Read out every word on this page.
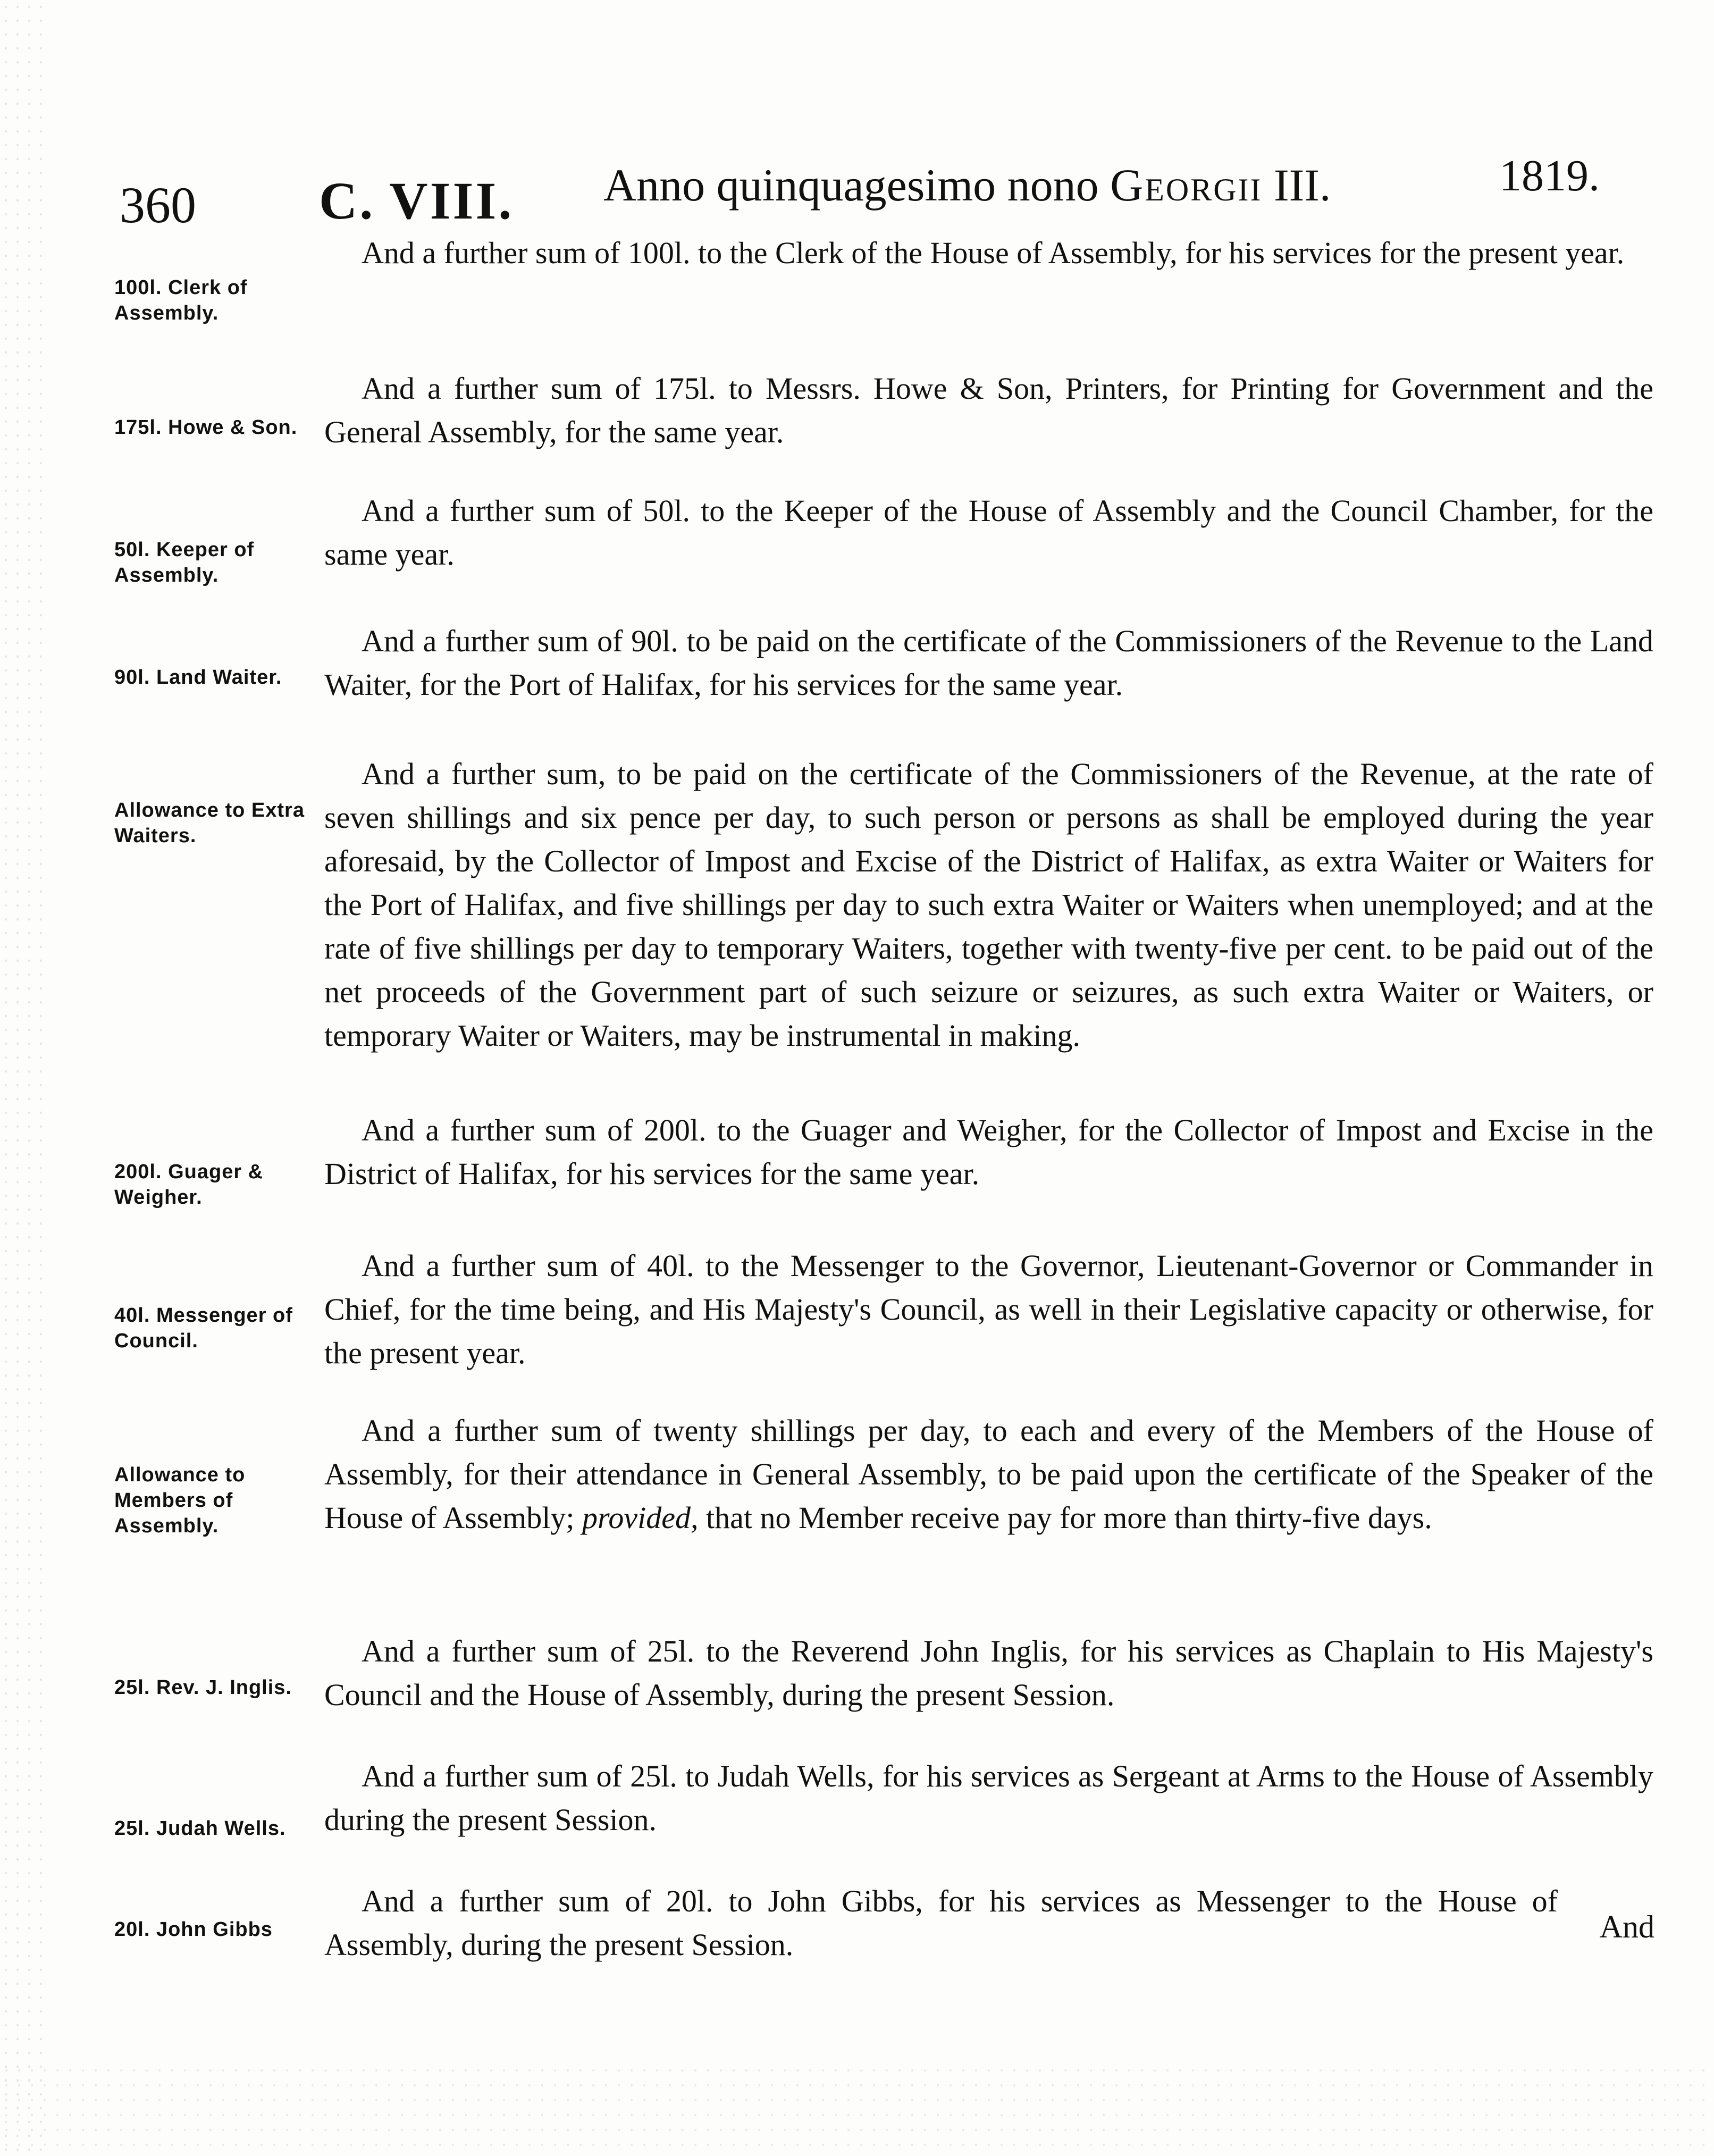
360 C. VIII. Anno quinquagesimo nono Georgii III.	1819.
100l. Clerk of Assembly.
And a further sum of 100l. to the Clerk of the House of Assembly, for his services for the present year.
175l. Howe & Son.
And a further sum of 175l. to Messrs. Howe & Son, Printers, for Printing for Government and the General Assembly, for the same year.
50l. Keeper of Assembly.
And a further sum of 50l. to the Keeper of the House of Assembly and the Council Chamber, for the same year.
90l. Land Waiter.
And a further sum of 90l. to be paid on the certificate of the Commissioners of the Revenue to the Land Waiter, for the Port of Halifax, for his services for the same year.
Allowance to Extra Waiters.
And a further sum, to be paid on the certificate of the Commissioners of the Revenue, at the rate of seven shillings and six pence per day, to such person or persons as shall be employed during the year aforesaid, by the Collector of Impost and Excise of the District of Halifax, as extra Waiter or Waiters for the Port of Halifax, and five shillings per day to such extra Waiter or Waiters when unemployed; and at the rate of five shillings per day to temporary Waiters, together with twenty-five per cent. to be paid out of the net proceeds of the Government part of such seizure or seizures, as such extra Waiter or Waiters, or temporary Waiter or Waiters, may be instrumental in making.
200l. Guager & Weigher.
And a further sum of 200l. to the Guager and Weigher, for the Collector of Impost and Excise in the District of Halifax, for his services for the same year.
40l. Messenger of Council.
And a further sum of 40l. to the Messenger to the Governor, Lieutenant-Governor or Commander in Chief, for the time being, and His Majesty's Council, as well in their Legislative capacity or otherwise, for the present year.
Allowance to Members of Assembly.
And a further sum of twenty shillings per day, to each and every of the Members of the House of Assembly, for their attendance in General Assembly, to be paid upon the certificate of the Speaker of the House of Assembly; provided, that no Member receive pay for more than thirty-five days.
25l. Rev. J. Inglis.
And a further sum of 25l. to the Reverend John Inglis, for his services as Chaplain to His Majesty's Council and the House of Assembly, during the present Session.
25l. Judah Wells.
And a further sum of 25l. to Judah Wells, for his services as Sergeant at Arms to the House of Assembly during the present Session.
20l. John Gibbs
And a further sum of 20l. to John Gibbs, for his services as Messenger to the House of Assembly, during the present Session.
And
